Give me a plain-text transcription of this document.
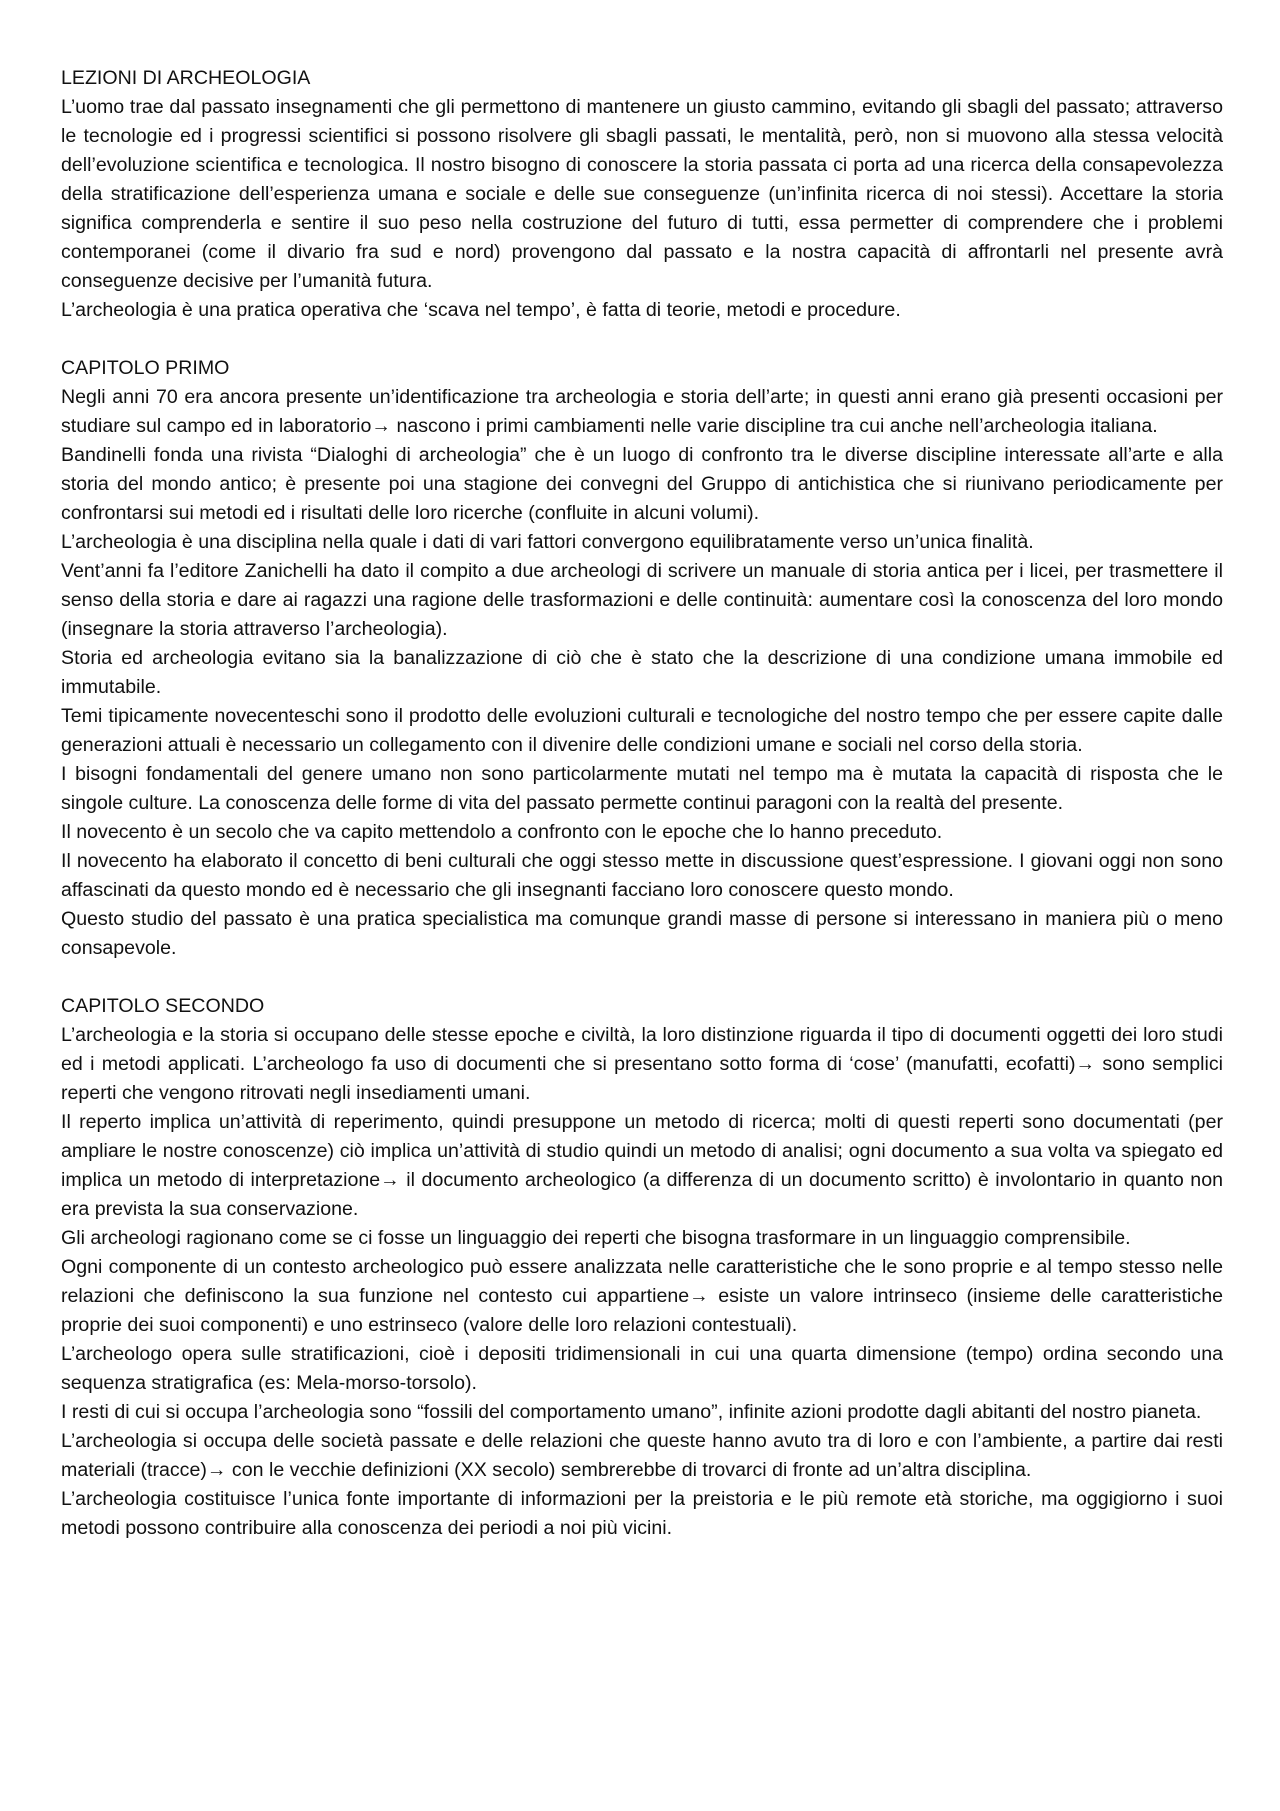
LEZIONI DI ARCHEOLOGIA

L’uomo trae dal passato insegnamenti che gli permettono di mantenere un giusto cammino, evitando gli sbagli del passato; attraverso le tecnologie ed i progressi scientifici si possono risolvere gli sbagli passati, le mentalità, però, non si muovono alla stessa velocità dell’evoluzione scientifica e tecnologica. Il nostro bisogno di conoscere la storia passata ci porta ad una ricerca della consapevolezza della stratificazione dell’esperienza umana e sociale e delle sue conseguenze (un’infinita ricerca di noi stessi). Accettare la storia significa comprenderla e sentire il suo peso nella costruzione del futuro di tutti, essa permetter di comprendere che i problemi contemporanei (come il divario fra sud e nord) provengono dal passato e la nostra capacità di affrontarli nel presente avrà conseguenze decisive per l’umanità futura.

L’archeologia è una pratica operativa che ‘scava nel tempo’, è fatta di teorie, metodi e procedure.

CAPITOLO PRIMO

Negli anni 70 era ancora presente un’identificazione tra archeologia e storia dell’arte; in questi anni erano già presenti occasioni per studiare sul campo ed in laboratorio→ nascono i primi cambiamenti nelle varie discipline tra cui anche nell’archeologia italiana.

Bandinelli fonda una rivista “Dialoghi di archeologia” che è un luogo di confronto tra le diverse discipline interessate all’arte e alla storia del mondo antico; è presente poi una stagione dei convegni del Gruppo di antichistica che si riunivano periodicamente per confrontarsi sui metodi ed i risultati delle loro ricerche (confluite in alcuni volumi).

L’archeologia è una disciplina nella quale i dati di vari fattori convergono equilibratamente verso un’unica finalità.

Vent’anni fa l’editore Zanichelli ha dato il compito a due archeologi di scrivere un manuale di storia antica per i licei, per trasmettere il senso della storia e dare ai ragazzi una ragione delle trasformazioni e delle continuità: aumentare così la conoscenza del loro mondo (insegnare la storia attraverso l’archeologia).

Storia ed archeologia evitano sia la banalizzazione di ciò che è stato che la descrizione di una condizione umana immobile ed immutabile.

Temi tipicamente novecenteschi sono il prodotto delle evoluzioni culturali e tecnologiche del nostro tempo che per essere capite dalle generazioni attuali è necessario un collegamento con il divenire delle condizioni umane e sociali nel corso della storia.

I bisogni fondamentali del genere umano non sono particolarmente mutati nel tempo ma è mutata la capacità di risposta che le singole culture. La conoscenza delle forme di vita del passato permette continui paragoni con la realtà del presente.

Il novecento è un secolo che va capito mettendolo a confronto con le epoche che lo hanno preceduto.

Il novecento ha elaborato il concetto di beni culturali che oggi stesso mette in discussione quest’espressione. I giovani oggi non sono affascinati da questo mondo ed è necessario che gli insegnanti facciano loro conoscere questo mondo.

Questo studio del passato è una pratica specialistica ma comunque grandi masse di persone si interessano in maniera più o meno consapevole.

CAPITOLO SECONDO

L’archeologia e la storia si occupano delle stesse epoche e civiltà, la loro distinzione riguarda il tipo di documenti oggetti dei loro studi ed i metodi applicati. L’archeologo fa uso di documenti che si presentano sotto forma di ‘cose’ (manufatti, ecofatti)→ sono semplici reperti che vengono ritrovati negli insediamenti umani.

Il reperto implica un’attività di reperimento, quindi presuppone un metodo di ricerca; molti di questi reperti sono documentati (per ampliare le nostre conoscenze) ciò implica un’attività di studio quindi un metodo di analisi; ogni documento a sua volta va spiegato ed implica un metodo di interpretazione→ il documento archeologico (a differenza di un documento scritto) è involontario in quanto non era prevista la sua conservazione.

Gli archeologi ragionano come se ci fosse un linguaggio dei reperti che bisogna trasformare in un linguaggio comprensibile.

Ogni componente di un contesto archeologico può essere analizzata nelle caratteristiche che le sono proprie e al tempo stesso nelle relazioni che definiscono la sua funzione nel contesto cui appartiene→ esiste un valore intrinseco (insieme delle caratteristiche proprie dei suoi componenti) e uno estrinseco (valore delle loro relazioni contestuali).

L’archeologo opera sulle stratificazioni, cioè i depositi tridimensionali in cui una quarta dimensione (tempo) ordina secondo una sequenza stratigrafica (es: Mela-morso-torsolo).

I resti di cui si occupa l’archeologia sono “fossili del comportamento umano”, infinite azioni prodotte dagli abitanti del nostro pianeta.

L’archeologia si occupa delle società passate e delle relazioni che queste hanno avuto tra di loro e con l’ambiente, a partire dai resti materiali (tracce)→ con le vecchie definizioni (XX secolo) sembrerebbe di trovarci di fronte ad un’altra disciplina.

L’archeologia costituisce l’unica fonte importante di informazioni per la preistoria e le più remote età storiche, ma oggigiorno i suoi metodi possono contribuire alla conoscenza dei periodi a noi più vicini.
